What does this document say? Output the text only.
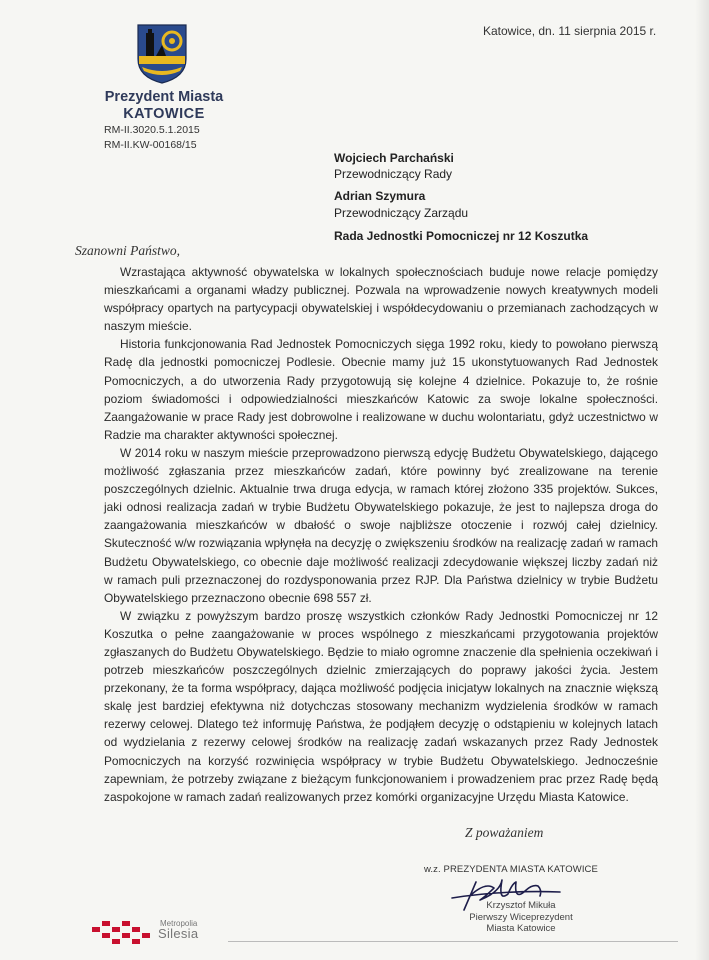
Prezydent Miasta
KATOWICE
RM-II.3020.5.1.2015
RM-II.KW-00168/15
Katowice, dn. 11 sierpnia 2015 r.
Wojciech Parchański
Przewodniczący Rady
Adrian Szymura
Przewodniczący Zarządu
Rada Jednostki Pomocniczej nr 12 Koszutka
Szanowni Państwo,

Wzrastająca aktywność obywatelska w lokalnych społecznościach buduje nowe relacje pomiędzy mieszkańcami a organami władzy publicznej. Pozwala na wprowadzenie nowych kreatywnych modeli współpracy opartych na partycypacji obywatelskiej i współdecydowaniu o przemianach zachodzących w naszym mieście.

Historia funkcjonowania Rad Jednostek Pomocniczych sięga 1992 roku, kiedy to powołano pierwszą Radę dla jednostki pomocniczej Podlesie. Obecnie mamy już 15 ukonstytuowanych Rad Jednostek Pomocniczych, a do utworzenia Rady przygotowują się kolejne 4 dzielnice. Pokazuje to, że rośnie poziom świadomości i odpowiedzialności mieszkańców Katowic za swoje lokalne społeczności. Zaangażowanie w prace Rady jest dobrowolne i realizowane w duchu wolontariatu, gdyż uczestnictwo w Radzie ma charakter aktywności społecznej.

W 2014 roku w naszym mieście przeprowadzono pierwszą edycję Budżetu Obywatelskiego, dającego możliwość zgłaszania przez mieszkańców zadań, które powinny być zrealizowane na terenie poszczególnych dzielnic. Aktualnie trwa druga edycja, w ramach której złożono 335 projektów. Sukces, jaki odnosi realizacja zadań w trybie Budżetu Obywatelskiego pokazuje, że jest to najlepsza droga do zaangażowania mieszkańców w dbałość o swoje najbliższe otoczenie i rozwój całej dzielnicy. Skuteczność w/w rozwiązania wpłynęła na decyzję o zwiększeniu środków na realizację zadań w ramach Budżetu Obywatelskiego, co obecnie daje możliwość realizacji zdecydowanie większej liczby zadań niż w ramach puli przeznaczonej do rozdysponowania przez RJP. Dla Państwa dzielnicy w trybie Budżetu Obywatelskiego przeznaczono obecnie 698 557 zł.

W związku z powyższym bardzo proszę wszystkich członków Rady Jednostki Pomocniczej nr 12 Koszutka o pełne zaangażowanie w proces wspólnego z mieszkańcami przygotowania projektów zgłaszanych do Budżetu Obywatelskiego. Będzie to miało ogromne znaczenie dla spełnienia oczekiwań i potrzeb mieszkańców poszczególnych dzielnic zmierzających do poprawy jakości życia. Jestem przekonany, że ta forma współpracy, dająca możliwość podjęcia inicjatyw lokalnych na znacznie większą skalę jest bardziej efektywna niż dotychczas stosowany mechanizm wydzielenia środków w ramach rezerwy celowej. Dlatego też informuję Państwa, że podjąłem decyzję o odstąpieniu w kolejnych latach od wydzielania z rezerwy celowej środków na realizację zadań wskazanych przez Rady Jednostek Pomocniczych na korzyść rozwinięcia współpracy w trybie Budżetu Obywatelskiego. Jednocześnie zapewniam, że potrzeby związane z bieżącym funkcjonowaniem i prowadzeniem prac przez Radę będą zaspokojone w ramach zadań realizowanych przez komórki organizacyjne Urzędu Miasta Katowice.

Z poważaniem
w.z. PREZYDENTA MIASTA KATOWICE
Krzysztof Mikuła
Pierwszy Wiceprezydent
Miasta Katowice
Metropolia
Silesia
